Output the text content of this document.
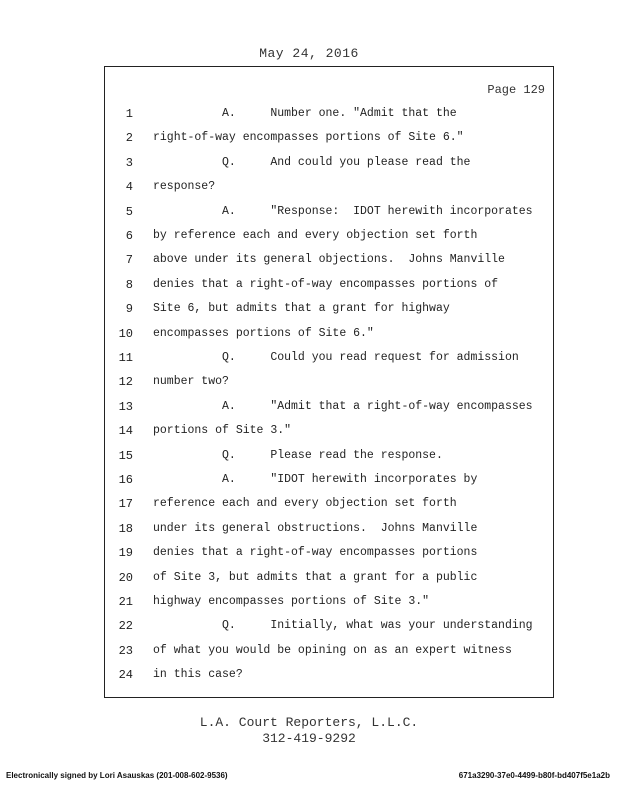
May 24, 2016
Page 129
1 A.     Number one. "Admit that the
2 right-of-way encompasses portions of Site 6."
3 Q.     And could you please read the
4 response?
5 A.     "Response:  IDOT herewith incorporates
6 by reference each and every objection set forth
7 above under its general objections.  Johns Manville
8 denies that a right-of-way encompasses portions of
9 Site 6, but admits that a grant for highway
10 encompasses portions of Site 6."
11 Q.     Could you read request for admission
12 number two?
13 A.     "Admit that a right-of-way encompasses
14 portions of Site 3."
15 Q.     Please read the response.
16 A.     "IDOT herewith incorporates by
17 reference each and every objection set forth
18 under its general obstructions.  Johns Manville
19 denies that a right-of-way encompasses portions
20 of Site 3, but admits that a grant for a public
21 highway encompasses portions of Site 3."
22 Q.     Initially, what was your understanding
23 of what you would be opining on as an expert witness
24 in this case?
L.A. Court Reporters, L.L.C.
312-419-9292
Electronically signed by Lori Asauskas (201-008-602-9536)	671a3290-37e0-4499-b80f-bd407f5e1a2b
